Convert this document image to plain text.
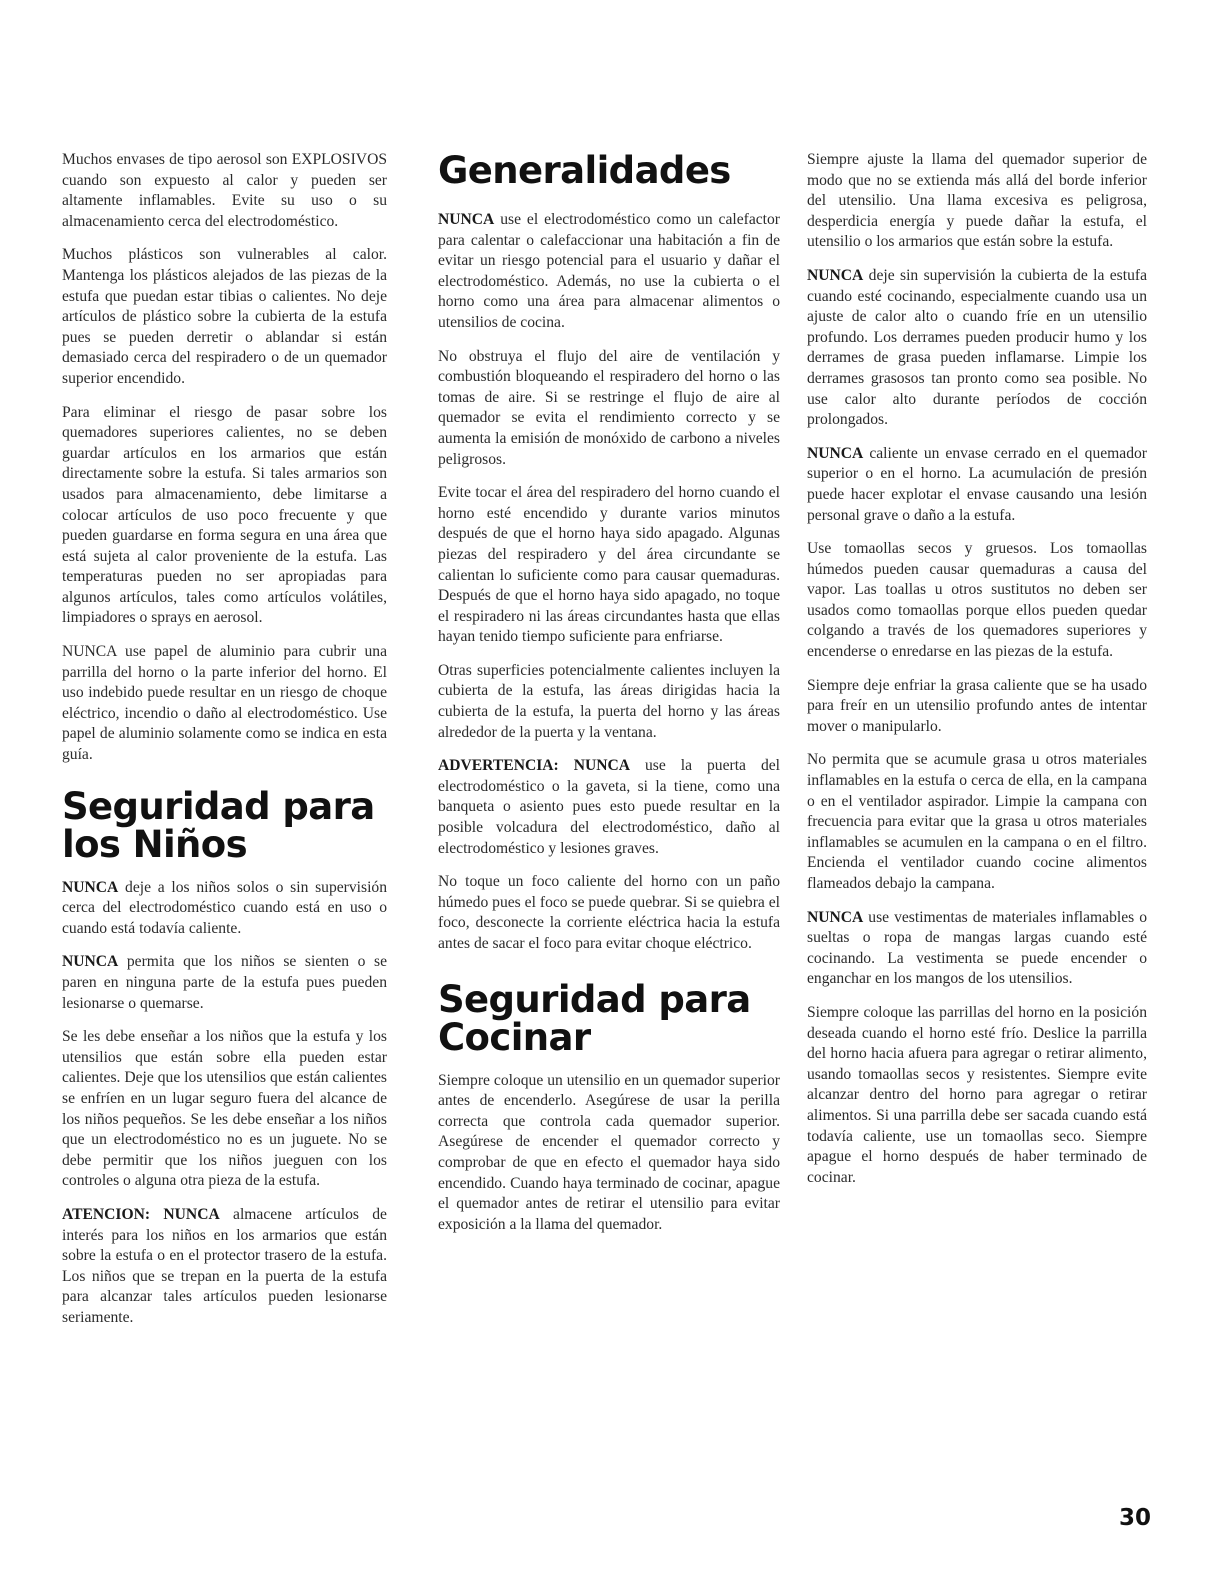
Muchos envases de tipo aerosol son EXPLOSIVOS cuando son expuesto al calor y pueden ser altamente inflamables. Evite su uso o su almacenamiento cerca del electrodoméstico.

Muchos plásticos son vulnerables al calor. Mantenga los plásticos alejados de las piezas de la estufa que puedan estar tibias o calientes. No deje artículos de plástico sobre la cubierta de la estufa pues se pueden derretir o ablandar si están demasiado cerca del respiradero o de un quemador superior encendido.

Para eliminar el riesgo de pasar sobre los quemadores superiores calientes, no se deben guardar artículos en los armarios que están directamente sobre la estufa. Si tales armarios son usados para almacenamiento, debe limitarse a colocar artículos de uso poco frecuente y que pueden guardarse en forma segura en una área que está sujeta al calor proveniente de la estufa. Las temperaturas pueden no ser apropiadas para algunos artículos, tales como artículos volátiles, limpiadores o sprays en aerosol.

NUNCA use papel de aluminio para cubrir una parrilla del horno o la parte inferior del horno. El uso indebido puede resultar en un riesgo de choque eléctrico, incendio o daño al electrodoméstico. Use papel de aluminio solamente como se indica en esta guía.

Seguridad para los Niños

NUNCA deje a los niños solos o sin supervisión cerca del electrodoméstico cuando está en uso o cuando está todavía caliente.

NUNCA permita que los niños se sienten o se paren en ninguna parte de la estufa pues pueden lesionarse o quemarse.

Se les debe enseñar a los niños que la estufa y los utensilios que están sobre ella pueden estar calientes. Deje que los utensilios que están calientes se enfríen en un lugar seguro fuera del alcance de los niños pequeños. Se les debe enseñar a los niños que un electrodoméstico no es un juguete. No se debe permitir que los niños jueguen con los controles o alguna otra pieza de la estufa.

ATENCION: NUNCA almacene artículos de interés para los niños en los armarios que están sobre la estufa o en el protector trasero de la estufa. Los niños que se trepan en la puerta de la estufa para alcanzar tales artículos pueden lesionarse seriamente.

Generalidades

NUNCA use el electrodoméstico como un calefactor para calentar o calefaccionar una habitación a fin de evitar un riesgo potencial para el usuario y dañar el electrodoméstico. Además, no use la cubierta o el horno como una área para almacenar alimentos o utensilios de cocina.

No obstruya el flujo del aire de ventilación y combustión bloqueando el respiradero del horno o las tomas de aire. Si se restringe el flujo de aire al quemador se evita el rendimiento correcto y se aumenta la emisión de monóxido de carbono a niveles peligrosos.

Evite tocar el área del respiradero del horno cuando el horno esté encendido y durante varios minutos después de que el horno haya sido apagado. Algunas piezas del respiradero y del área circundante se calientan lo suficiente como para causar quemaduras. Después de que el horno haya sido apagado, no toque el respiradero ni las áreas circundantes hasta que ellas hayan tenido tiempo suficiente para enfriarse.

Otras superficies potencialmente calientes incluyen la cubierta de la estufa, las áreas dirigidas hacia la cubierta de la estufa, la puerta del horno y las áreas alrededor de la puerta y la ventana.

ADVERTENCIA: NUNCA use la puerta del electrodoméstico o la gaveta, si la tiene, como una banqueta o asiento pues esto puede resultar en la posible volcadura del electrodoméstico, daño al electrodoméstico y lesiones graves.

No toque un foco caliente del horno con un paño húmedo pues el foco se puede quebrar. Si se quiebra el foco, desconecte la corriente eléctrica hacia la estufa antes de sacar el foco para evitar choque eléctrico.

Seguridad para Cocinar

Siempre coloque un utensilio en un quemador superior antes de encenderlo. Asegúrese de usar la perilla correcta que controla cada quemador superior. Asegúrese de encender el quemador correcto y comprobar de que en efecto el quemador haya sido encendido. Cuando haya terminado de cocinar, apague el quemador antes de retirar el utensilio para evitar exposición a la llama del quemador.

Siempre ajuste la llama del quemador superior de modo que no se extienda más allá del borde inferior del utensilio. Una llama excesiva es peligrosa, desperdicia energía y puede dañar la estufa, el utensilio o los armarios que están sobre la estufa.

NUNCA deje sin supervisión la cubierta de la estufa cuando esté cocinando, especialmente cuando usa un ajuste de calor alto o cuando fríe en un utensilio profundo. Los derrames pueden producir humo y los derrames de grasa pueden inflamarse. Limpie los derrames grasosos tan pronto como sea posible. No use calor alto durante períodos de cocción prolongados.

NUNCA caliente un envase cerrado en el quemador superior o en el horno. La acumulación de presión puede hacer explotar el envase causando una lesión personal grave o daño a la estufa.

Use tomaollas secos y gruesos. Los tomaollas húmedos pueden causar quemaduras a causa del vapor. Las toallas u otros sustitutos no deben ser usados como tomaollas porque ellos pueden quedar colgando a través de los quemadores superiores y encenderse o enredarse en las piezas de la estufa.

Siempre deje enfriar la grasa caliente que se ha usado para freír en un utensilio profundo antes de intentar mover o manipularlo.

No permita que se acumule grasa u otros materiales inflamables en la estufa o cerca de ella, en la campana o en el ventilador aspirador. Limpie la campana con frecuencia para evitar que la grasa u otros materiales inflamables se acumulen en la campana o en el filtro. Encienda el ventilador cuando cocine alimentos flameados debajo la campana.

NUNCA use vestimentas de materiales inflamables o sueltas o ropa de mangas largas cuando esté cocinando. La vestimenta se puede encender o enganchar en los mangos de los utensilios.

Siempre coloque las parrillas del horno en la posición deseada cuando el horno esté frío. Deslice la parrilla del horno hacia afuera para agregar o retirar alimento, usando tomaollas secos y resistentes. Siempre evite alcanzar dentro del horno para agregar o retirar alimentos. Si una parrilla debe ser sacada cuando está todavía caliente, use un tomaollas seco. Siempre apague el horno después de haber terminado de cocinar.

30
